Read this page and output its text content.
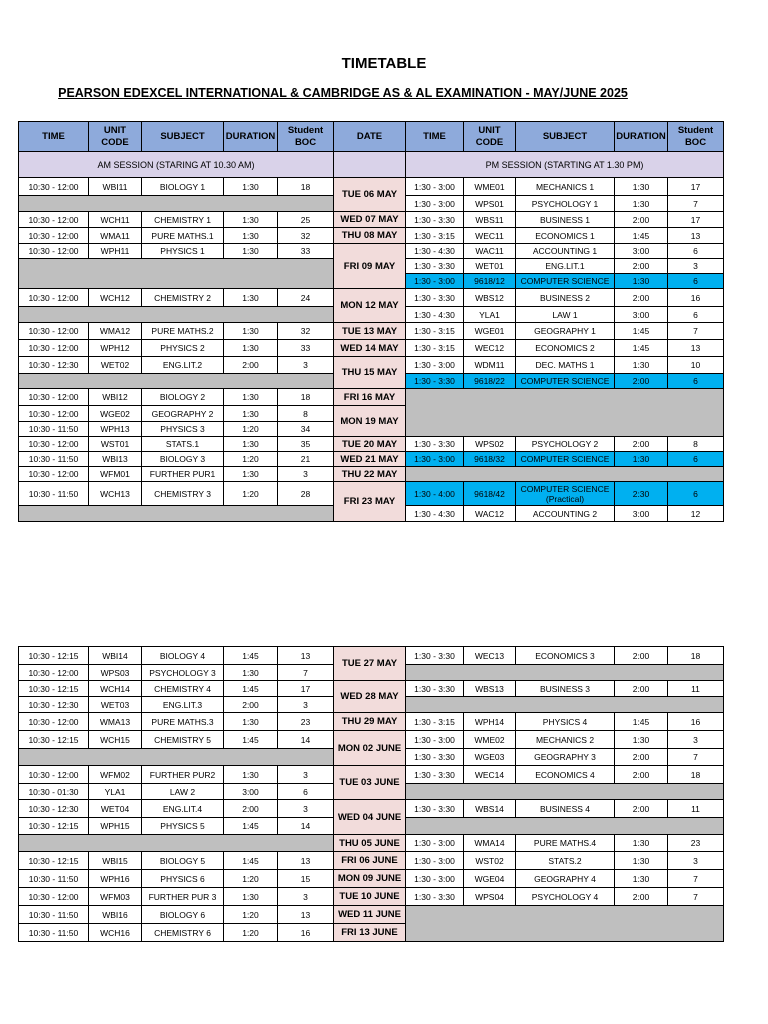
TIMETABLE
PEARSON EDEXCEL INTERNATIONAL & CAMBRIDGE AS & AL EXAMINATION - MAY/JUNE 2025
TIME	UNIT CODE	SUBJECT	DURATION	Student BOC	DATE	TIME	UNIT CODE	SUBJECT	DURATION	Student BOC
AM SESSION (STARING AT 10.30 AM)						PM SESSION (STARTING AT 1.30 PM)				
10:30 - 12:00	WBI11	BIOLOGY 1	1:30	18	TUE 06 MAY	1:30 - 3:00	WME01	MECHANICS 1	1:30	17
						1:30 - 3:00	WPS01	PSYCHOLOGY 1	1:30	7
10:30 - 12:00	WCH11	CHEMISTRY 1	1:30	25	WED 07 MAY	1:30 - 3:30	WBS11	BUSINESS 1	2:00	17
10:30 - 12:00	WMA11	PURE MATHS.1	1:30	32	THU 08 MAY	1:30 - 3:15	WEC11	ECONOMICS 1	1:45	13
10:30 - 12:00	WPH11	PHYSICS 1	1:30	33	FRI 09 MAY	1:30 - 4:30	WAC11	ACCOUNTING 1	3:00	6
						1:30 - 3:30	WET01	ENG.LIT.1	2:00	3
						1:30 - 3:00	9618/12	COMPUTER SCIENCE	1:30	6
10:30 - 12:00	WCH12	CHEMISTRY 2	1:30	24	MON 12 MAY	1:30 - 3:30	WBS12	BUSINESS 2	2:00	16
						1:30 - 4:30	YLA1	LAW 1	3:00	6
10:30 - 12:00	WMA12	PURE MATHS.2	1:30	32	TUE 13 MAY	1:30 - 3:15	WGE01	GEOGRAPHY 1	1:45	7
10:30 - 12:00	WPH12	PHYSICS 2	1:30	33	WED 14 MAY	1:30 - 3:15	WEC12	ECONOMICS 2	1:45	13
10:30 - 12:30	WET02	ENG.LIT.2	2:00	3	THU 15 MAY	1:30 - 3:00	WDM11	DEC. MATHS 1	1:30	10
						1:30 - 3:30	9618/22	COMPUTER SCIENCE	2:00	6
10:30 - 12:00	WBI12	BIOLOGY 2	1:30	18	FRI 16 MAY					
10:30 - 12:00	WGE02	GEOGRAPHY 2	1:30	8	MON 19 MAY					
10:30 - 11:50	WPH13	PHYSICS 3	1:20	34						
10:30 - 12:00	WST01	STATS.1	1:30	35	TUE 20 MAY	1:30 - 3:30	WPS02	PSYCHOLOGY 2	2:00	8
10:30 - 11:50	WBI13	BIOLOGY 3	1:20	21	WED 21 MAY	1:30 - 3:00	9618/32	COMPUTER SCIENCE	1:30	6
10:30 - 12:00	WFM01	FURTHER PUR1	1:30	3	THU 22 MAY					
10:30 - 11:50	WCH13	CHEMISTRY 3	1:20	28	FRI 23 MAY	1:30 - 4:00	9618/42	COMPUTER SCIENCE (Practical)	2:30	6
						1:30 - 4:30	WAC12	ACCOUNTING 2	3:00	12
10:30 - 12:15	WBI14	BIOLOGY 4	1:45	13	TUE 27 MAY	1:30 - 3:30	WEC13	ECONOMICS 3	2:00	18
10:30 - 12:00	WPS03	PSYCHOLOGY 3	1:30	7						
10:30 - 12:15	WCH14	CHEMISTRY 4	1:45	17	WED 28 MAY	1:30 - 3:30	WBS13	BUSINESS 3	2:00	11
10:30 - 12:30	WET03	ENG.LIT.3	2:00	3						
10:30 - 12:00	WMA13	PURE MATHS.3	1:30	23	THU 29 MAY	1:30 - 3:15	WPH14	PHYSICS 4	1:45	16
10:30 - 12:15	WCH15	CHEMISTRY 5	1:45	14	MON 02 JUNE	1:30 - 3:00	WME02	MECHANICS 2	1:30	3
						1:30 - 3:30	WGE03	GEOGRAPHY 3	2:00	7
10:30 - 12:00	WFM02	FURTHER PUR2	1:30	3	TUE 03 JUNE	1:30 - 3:30	WEC14	ECONOMICS 4	2:00	18
10:30 - 01:30	YLA1	LAW 2	3:00	6						
10:30 - 12:30	WET04	ENG.LIT.4	2:00	3	WED 04 JUNE	1:30 - 3:30	WBS14	BUSINESS 4	2:00	11
10:30 - 12:15	WPH15	PHYSICS 5	1:45	14						
					THU 05 JUNE	1:30 - 3:00	WMA14	PURE MATHS.4	1:30	23
10:30 - 12:15	WBI15	BIOLOGY 5	1:45	13	FRI 06 JUNE	1:30 - 3:00	WST02	STATS.2	1:30	3
10:30 - 11:50	WPH16	PHYSICS 6	1:20	15	MON 09 JUNE	1:30 - 3:00	WGE04	GEOGRAPHY 4	1:30	7
10:30 - 12:00	WFM03	FURTHER PUR 3	1:30	3	TUE 10 JUNE	1:30 - 3:30	WPS04	PSYCHOLOGY 4	2:00	7
10:30 - 11:50	WBI16	BIOLOGY 6	1:20	13	WED 11 JUNE					
10:30 - 11:50	WCH16	CHEMISTRY 6	1:20	16	FRI 13 JUNE					
